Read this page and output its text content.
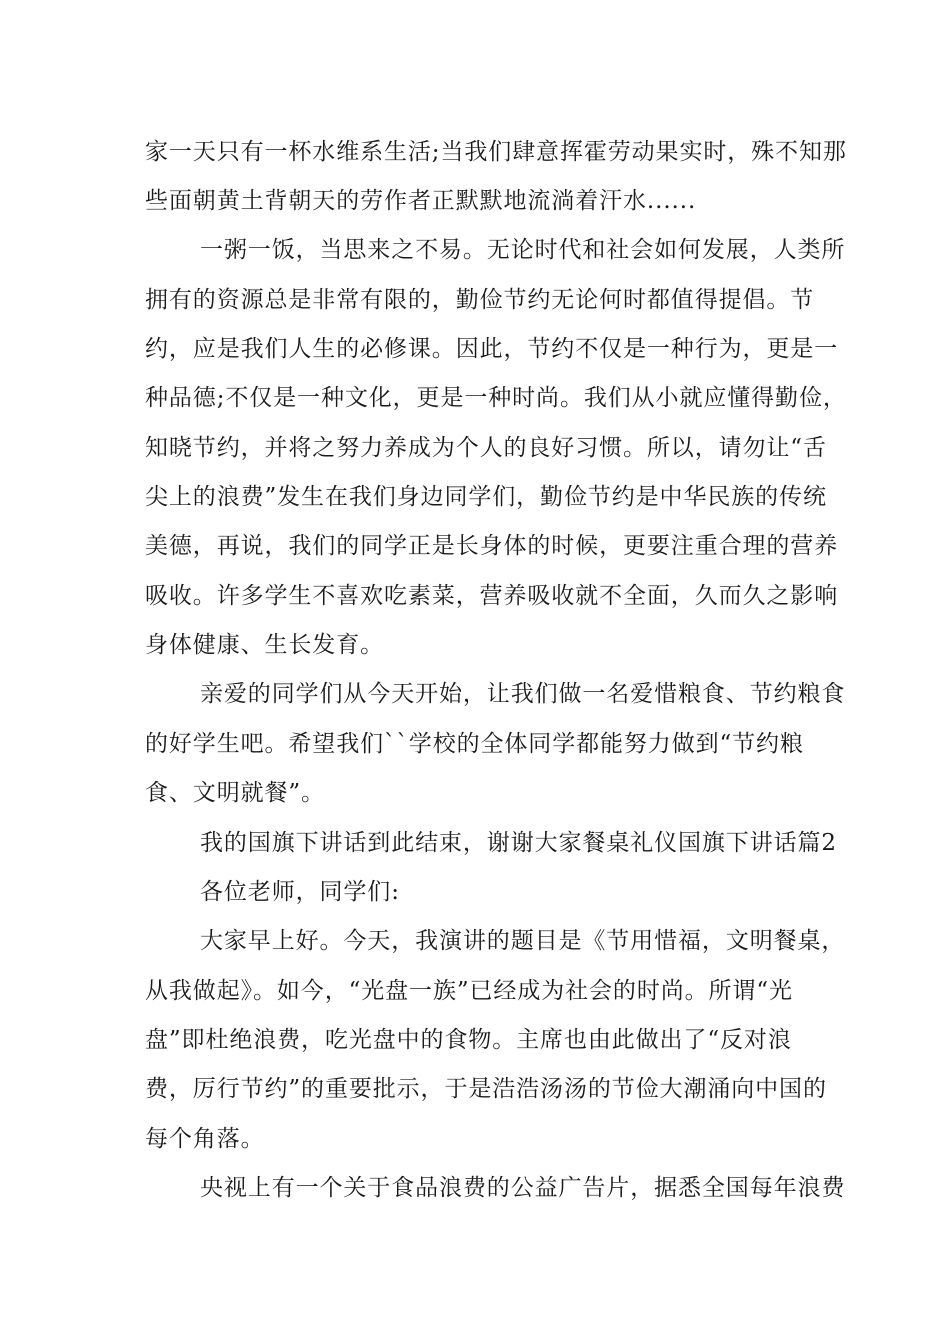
家一天只有一杯水维系生活;当我们肆意挥霍劳动果实时，殊不知那
些面朝黄土背朝天的劳作者正默默地流淌着汗水......
一粥一饭，当思来之不易。无论时代和社会如何发展，人类所
拥有的资源总是非常有限的，勤俭节约无论何时都值得提倡。节
约，应是我们人生的必修课。因此，节约不仅是一种行为，更是一
种品德;不仅是一种文化，更是一种时尚。我们从小就应懂得勤俭，
知晓节约，并将之努力养成为个人的良好习惯。所以，请勿让“舌
尖上的浪费”发生在我们身边同学们，勤俭节约是中华民族的传统
美德，再说，我们的同学正是长身体的时候，更要注重合理的营养
吸收。许多学生不喜欢吃素菜，营养吸收就不全面，久而久之影响
身体健康、生长发育。
亲爱的同学们从今天开始，让我们做一名爱惜粮食、节约粮食
的好学生吧。希望我们``学校的全体同学都能努力做到“节约粮
食、文明就餐”。
我的国旗下讲话到此结束，谢谢大家餐桌礼仪国旗下讲话篇2
各位老师，同学们:
大家早上好。今天，我演讲的题目是《节用惜福，文明餐桌，
从我做起》。如今，“光盘一族”已经成为社会的时尚。所谓“光
盘”即杜绝浪费，吃光盘中的食物。主席也由此做出了“反对浪
费，厉行节约”的重要批示，于是浩浩汤汤的节俭大潮涌向中国的
每个角落。
央视上有一个关于食品浪费的公益广告片，据悉全国每年浪费
